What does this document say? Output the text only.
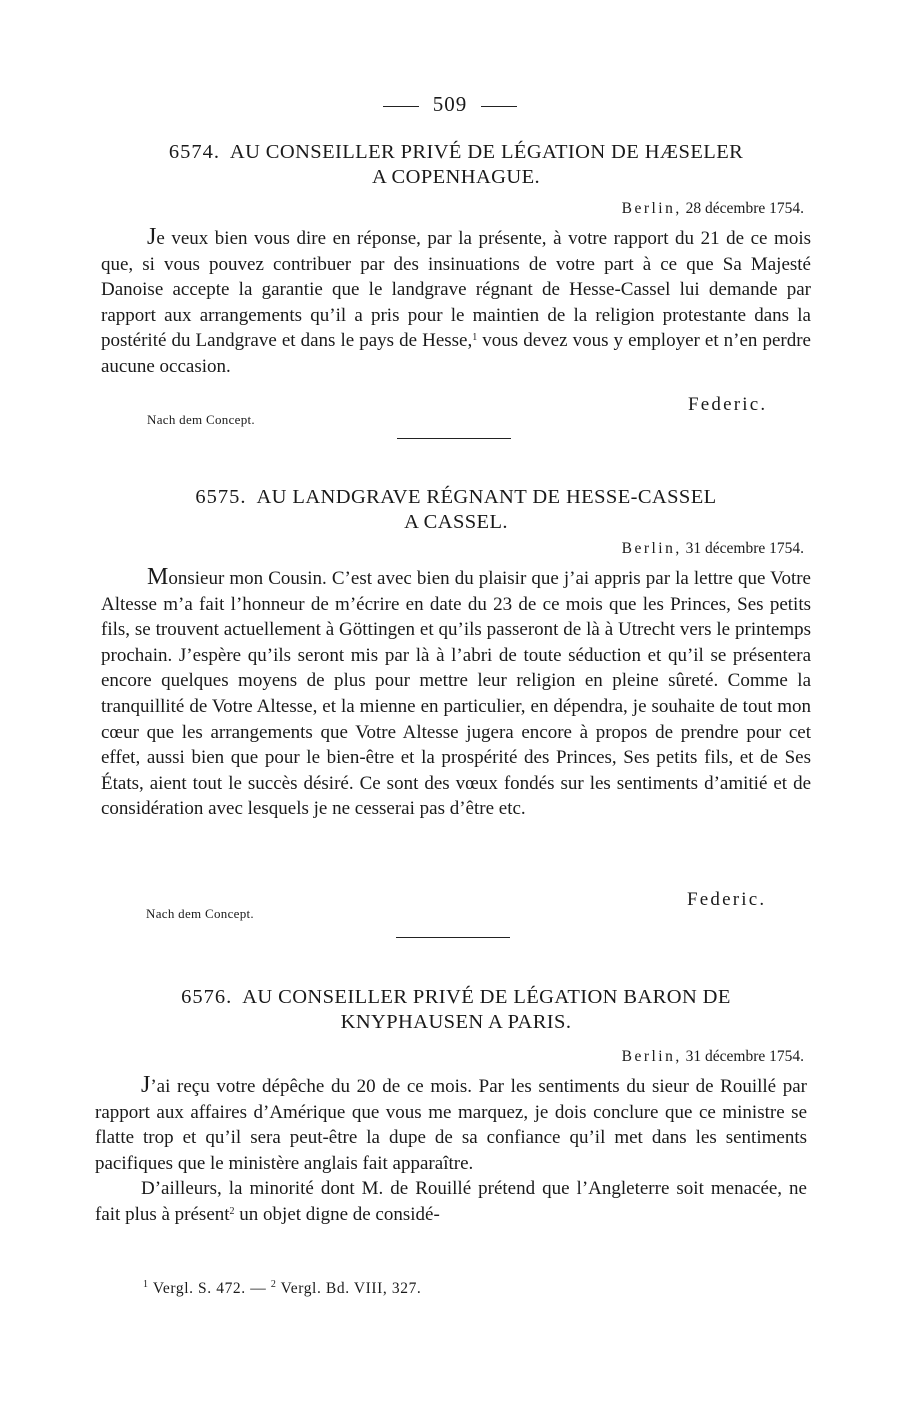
509
6574. AU CONSEILLER PRIVÉ DE LÉGATION DE HÆSELER
A COPENHAGUE.
Berlin, 28 décembre 1754.

Je veux bien vous dire en réponse, par la présente, à votre rapport du 21 de ce mois que, si vous pouvez contribuer par des insinuations de votre part à ce que Sa Majesté Danoise accepte la garantie que le landgrave régnant de Hesse-Cassel lui demande par rapport aux arrangements qu’il a pris pour le maintien de la religion protestante dans la postérité du Landgrave et dans le pays de Hesse,$^1$ vous devez vous y employer et n’en perdre aucune occasion.

Federic.
Nach dem Concept.
6575. AU LANDGRAVE RÉGNANT DE HESSE-CASSEL
A CASSEL.
Berlin, 31 décembre 1754.

Monsieur mon Cousin. C’est avec bien du plaisir que j’ai appris par la lettre que Votre Altesse m’a fait l’honneur de m’écrire en date du 23 de ce mois que les Princes, Ses petits fils, se trouvent actuellement à Göttingen et qu’ils passeront de là à Utrecht vers le printemps prochain. J’espère qu’ils seront mis par là à l’abri de toute séduction et qu’il se présentera encore quelques moyens de plus pour mettre leur religion en pleine sûreté. Comme la tranquillité de Votre Altesse, et la mienne en particulier, en dépendra, je souhaite de tout mon cœur que les arrangements que Votre Altesse jugera encore à propos de prendre pour cet effet, aussi bien que pour le bien-être et la prospérité des Princes, Ses petits fils, et de Ses États, aient tout le succès désiré. Ce sont des vœux fondés sur les sentiments d’amitié et de considération avec lesquels je ne cesserai pas d’être etc.

Federic.
Nach dem Concept.
6576. AU CONSEILLER PRIVÉ DE LÉGATION BARON DE
KNYPHAUSEN A PARIS.
Berlin, 31 décembre 1754.

J’ai reçu votre dépêche du 20 de ce mois. Par les sentiments du sieur de Rouillé par rapport aux affaires d’Amérique que vous me marquez, je dois conclure que ce ministre se flatte trop et qu’il sera peut-être la dupe de sa confiance qu’il met dans les sentiments pacifiques que le ministère anglais fait apparaître.

D’ailleurs, la minorité dont M. de Rouillé prétend que l’Angleterre soit menacée, ne fait plus à présent$^2$ un objet digne de considé-

$^1$ Vergl. S. 472. — $^2$ Vergl. Bd. VIII, 327.
